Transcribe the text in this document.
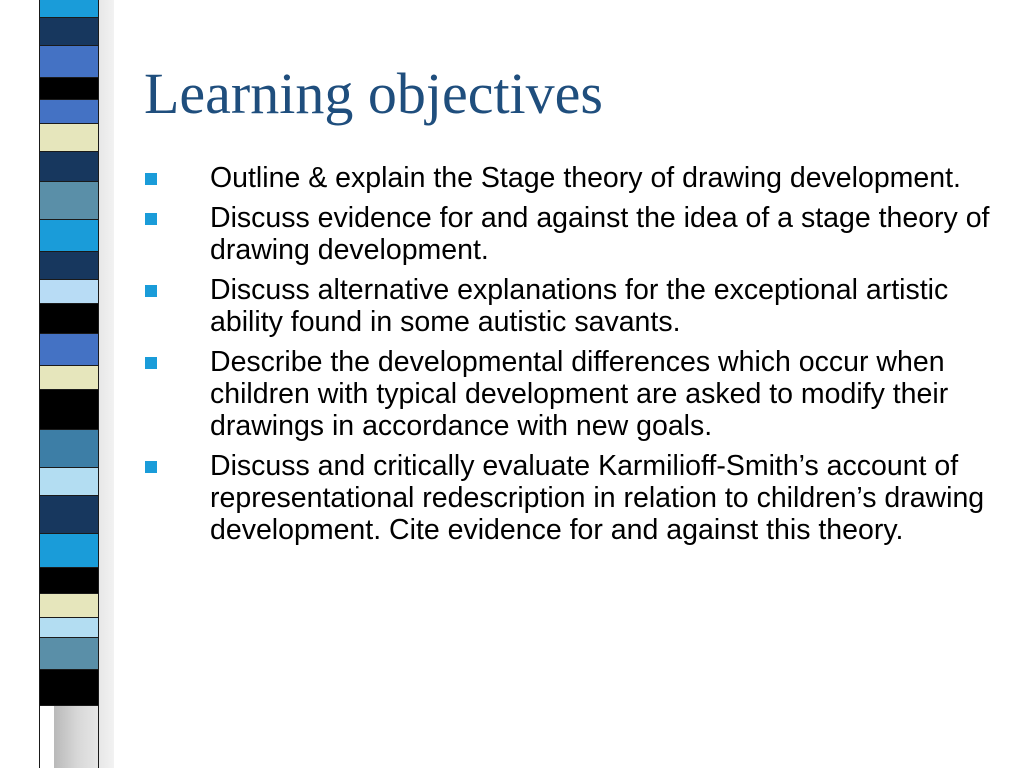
Learning objectives
Outline & explain the Stage theory of drawing development.
Discuss evidence for and against the idea of a stage theory of drawing development.
Discuss alternative explanations for the exceptional artistic ability found in some autistic savants.
Describe the developmental differences which occur when children with typical development are asked to modify their drawings in accordance with new goals.
Discuss and critically evaluate Karmilioff-Smith’s account of representational redescription in relation to children’s drawing development. Cite evidence for and against this theory.
